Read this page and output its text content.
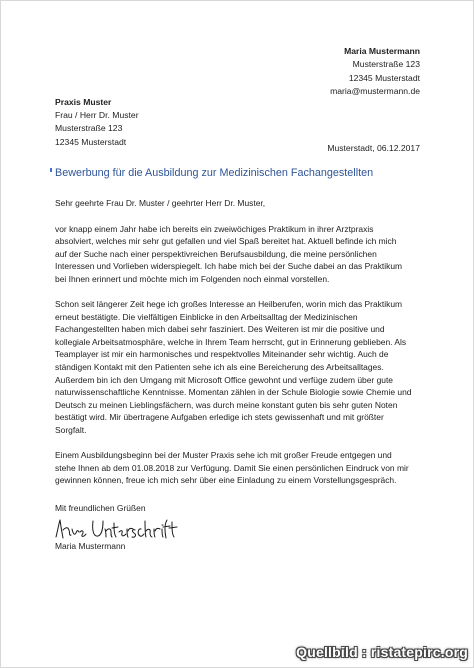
Maria Mustermann
Musterstraße 123
12345 Musterstadt
maria@mustermann.de
Praxis Muster
Frau / Herr Dr. Muster
Musterstraße 123
12345 Musterstadt
Musterstadt, 06.12.2017
Bewerbung für die Ausbildung zur Medizinischen Fachangestellten

Sehr geehrte Frau Dr. Muster / geehrter Herr Dr. Muster,

vor knapp einem Jahr habe ich bereits ein zweiwöchiges Praktikum in ihrer Arztpraxis
absolviert, welches mir sehr gut gefallen und viel Spaß bereitet hat. Aktuell befinde ich mich
auf der Suche nach einer perspektivreichen Berufsausbildung, die meine persönlichen
Interessen und Vorlieben widerspiegelt. Ich habe mich bei der Suche dabei an das Praktikum
bei Ihnen erinnert und möchte mich im Folgenden noch einmal vorstellen.

Schon seit längerer Zeit hege ich großes Interesse an Heilberufen, worin mich das Praktikum
erneut bestätigte. Die vielfältigen Einblicke in den Arbeitsalltag der Medizinischen
Fachangestellten haben mich dabei sehr fasziniert. Des Weiteren ist mir die positive und
kollegiale Arbeitsatmosphäre, welche in Ihrem Team herrscht, gut in Erinnerung geblieben. Als
Teamplayer ist mir ein harmonisches und respektvolles Miteinander sehr wichtig. Auch de
ständigen Kontakt mit den Patienten sehe ich als eine Bereicherung des Arbeitsalltages.
Außerdem bin ich den Umgang mit Microsoft Office gewohnt und verfüge zudem über gute
naturwissenschaftliche Kenntnisse. Momentan zählen in der Schule Biologie sowie Chemie und
Deutsch zu meinen Lieblingsfächern, was durch meine konstant guten bis sehr guten Noten
bestätigt wird. Mir übertragene Aufgaben erledige ich stets gewissenhaft und mit größter
Sorgfalt.

Einem Ausbildungsbeginn bei der Muster Praxis sehe ich mit großer Freude entgegen und
stehe Ihnen ab dem 01.08.2018 zur Verfügung. Damit Sie einen persönlichen Eindruck von mir
gewinnen können, freue ich mich sehr über eine Einladung zu einem Vorstellungsgespräch.

Mit freundlichen Grüßen
Maria Mustermann
Quellbild : ristatepirc.org
